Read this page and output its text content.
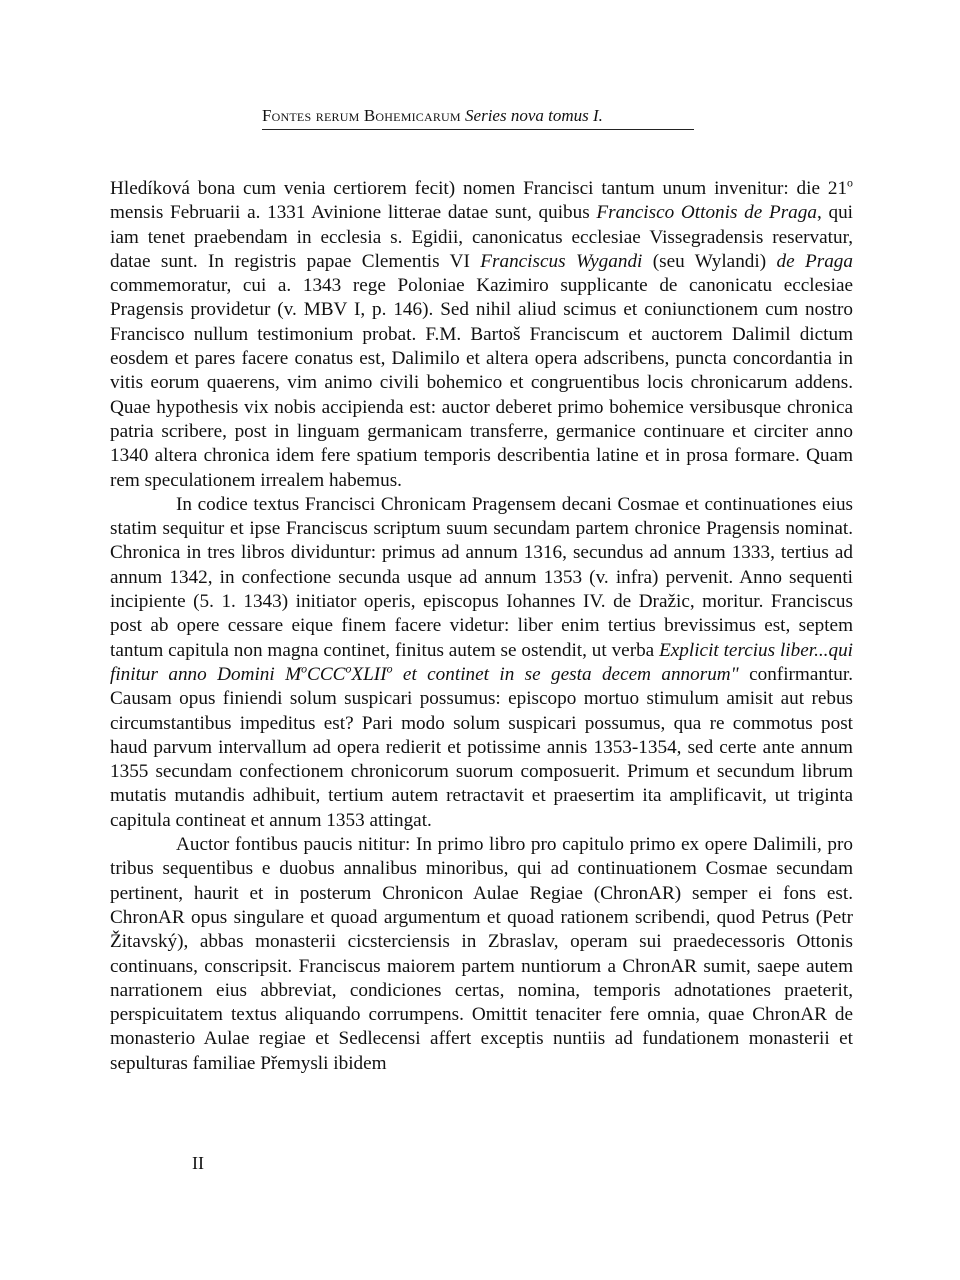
Fontes rerum Bohemicarum Series nova tomus I.

Hledíková bona cum venia certiorem fecit) nomen Francisci tantum unum invenitur: die 21$^o$ mensis Februarii a. 1331 Avinione litterae datae sunt, quibus Francisco Ottonis de Praga, qui iam tenet praebendam in ecclesia s. Egidii, canonicatus ecclesiae Vissegradensis reservatur, datae sunt. In registris papae Clementis VI Franciscus Wygandi (seu Wylandi) de Praga commemoratur, cui a. 1343 rege Poloniae Kazimiro supplicante de canonicatu ecclesiae Pragensis providetur (v. MBV I, p. 146). Sed nihil aliud scimus et coniunctionem cum nostro Francisco nullum testimonium probat. F.M. Bartoš Franciscum et auctorem Dalimil dictum eosdem et pares facere conatus est, Dalimilo et altera opera adscribens, puncta concordantia in vitis eorum quaerens, vim animo civili bohemico et congruentibus locis chronicarum addens. Quae hypothesis vix nobis accipienda est: auctor deberet primo bohemice versibusque chronica patria scribere, post in linguam germanicam transferre, germanice continuare et circiter anno 1340 altera chronica idem fere spatium temporis describentia latine et in prosa formare. Quam rem speculationem irrealem habemus.

In codice textus Francisci Chronicam Pragensem decani Cosmae et continuationes eius statim sequitur et ipse Franciscus scriptum suum secundam partem chronice Pragensis nominat. Chronica in tres libros dividuntur: primus ad annum 1316, secundus ad annum 1333, tertius ad annum 1342, in confectione secunda usque ad annum 1353 (v. infra) pervenit. Anno sequenti incipiente (5. 1. 1343) initiator operis, episcopus Iohannes IV. de Dražic, moritur. Franciscus post ab opere cessare eique finem facere videtur: liber enim tertius brevissimus est, septem tantum capitula non magna continet, finitus autem se ostendit, ut verba Explicit tercius liber...qui finitur anno Domini $M^oCCC^oXLII^o$ et continet in se gesta decem annorum" confirmantur. Causam opus finiendi solum suspicari possumus: episcopo mortuo stimulum amisit aut rebus circumstantibus impeditus est? Pari modo solum suspicari possumus, qua re commotus post haud parvum intervallum ad opera redierit et potissime annis 1353-1354, sed certe ante annum 1355 secundam confectionem chronicorum suorum composuerit. Primum et secundum librum mutatis mutandis adhibuit, tertium autem retractavit et praesertim ita amplificavit, ut triginta capitula contineat et annum 1353 attingat.

Auctor fontibus paucis nititur: In primo libro pro capitulo primo ex opere Dalimili, pro tribus sequentibus e duobus annalibus minoribus, qui ad continuationem Cosmae secundam pertinent, haurit et in posterum Chronicon Aulae Regiae (ChronAR) semper ei fons est. ChronAR opus singulare et quoad argumentum et quoad rationem scribendi, quod Petrus (Petr Žitavský), abbas monasterii cicsterciensis in Zbraslav, operam sui praedecessoris Ottonis continuans, conscripsit. Franciscus maiorem partem nuntiorum a ChronAR sumit, saepe autem narrationem eius abbreviat, condiciones certas, nomina, temporis adnotationes praeterit, perspicuitatem textus aliquando corrumpens. Omittit tenaciter fere omnia, quae ChronAR de monasterio Aulae regiae et Sedlecensi affert exceptis nuntiis ad fundationem monasterii et sepulturas familiae Přemysli ibidem

II
